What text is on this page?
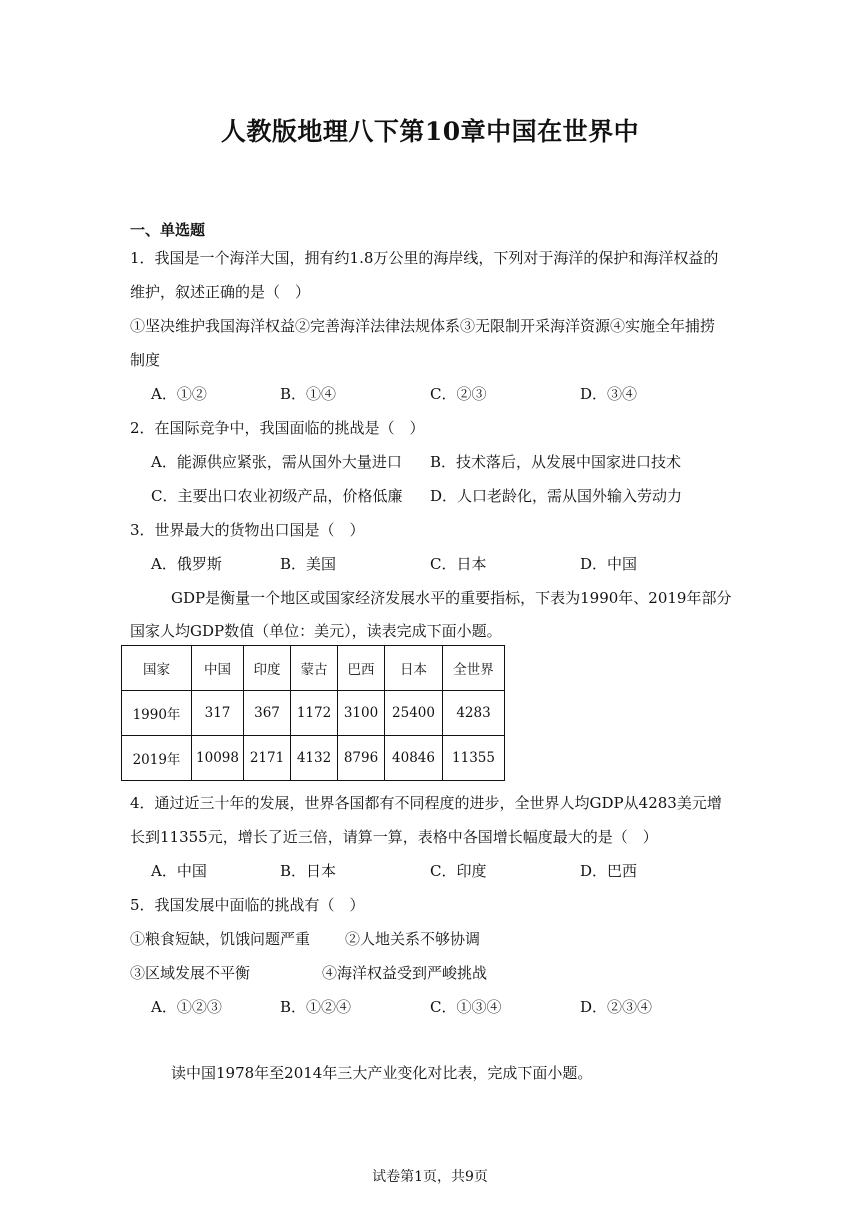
人教版地理八下第10章中国在世界中
一、单选题
1．我国是一个海洋大国，拥有约1.8万公里的海岸线，下列对于海洋的保护和海洋权益的
维护，叙述正确的是（　）
①坚决维护我国海洋权益②完善海洋法律法规体系③无限制开采海洋资源④实施全年捕捞
制度
A．①②	B．①④	C．②③	D．③④
2．在国际竞争中，我国面临的挑战是（　）
A．能源供应紧张，需从国外大量进口 B．技术落后，从发展中国家进口技术
C．主要出口农业初级产品，价格低廉 D．人口老龄化，需从国外输入劳动力
3．世界最大的货物出口国是（　）
A．俄罗斯	B．美国	C．日本	D．中国
GDP是衡量一个地区或国家经济发展水平的重要指标，下表为1990年、2019年部分
国家人均GDP数值（单位：美元），读表完成下面小题。
国家	中国	印度	蒙古	巴西	日本	全世界
1990年	317	367	1172	3100	25400	4283
2019年	10098	2171	4132	8796	40846	11355
4．通过近三十年的发展，世界各国都有不同程度的进步，全世界人均GDP从4283美元增
长到11355元，增长了近三倍，请算一算，表格中各国增长幅度最大的是（　）
A．中国	B．日本	C．印度	D．巴西
5．我国发展中面临的挑战有（　）
①粮食短缺，饥饿问题严重 ②人地关系不够协调
③区域发展不平衡	④海洋权益受到严峻挑战
A．①②③	B．①②④	C．①③④	D．②③④
读中国1978年至2014年三大产业变化对比表，完成下面小题。
试卷第1页，共9页
